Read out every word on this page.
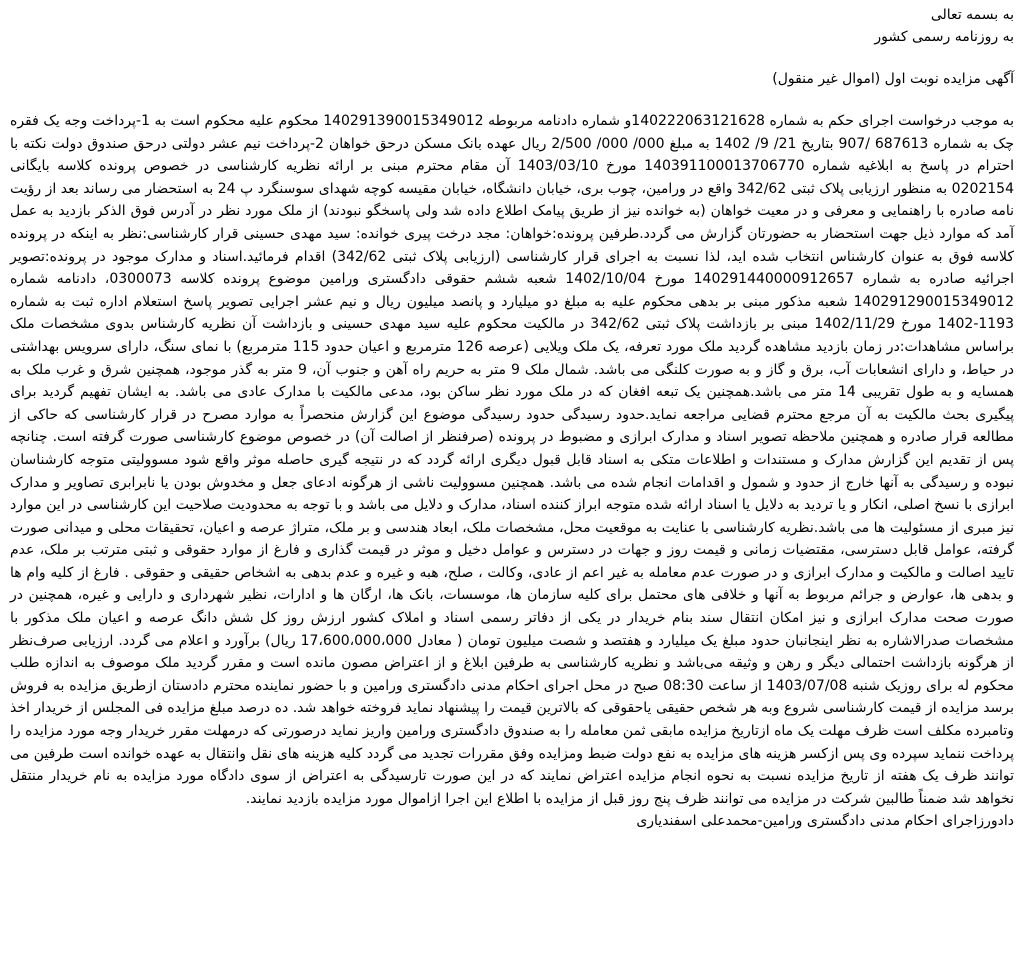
به بسمه تعالی

به روزنامه رسمی کشور

آگهی مزایده نوبت اول (اموال غیر منقول)

به موجب درخواست اجرای حکم به شماره 140222063121628و شماره دادنامه مربوطه 140291390015349012 محکوم علیه محکوم است به 1-پرداخت وجه یک فقره چک به شماره 687613 /907 بتاریخ 21/ 9/ 1402 به مبلغ 000/ 000/ 2/500 ریال عهده بانک مسکن درحق خواهان 2-پرداخت نیم عشر دولتی درحق صندوق دولت نکته با احترام در پاسخ به ابلاغیه شماره 140391100013706770 مورخ 1403/03/10 آن مقام محترم مبنی بر ارائه نظریه کارشناسی در خصوص پرونده کلاسه بایگانی 0202154 به منظور ارزیابی پلاک ثبتی 342/62 واقع در ورامین، چوب بری، خیابان دانشگاه، خیابان مقیسه کوچه شهدای سوسنگرد پ 24 به استحضار می رساند بعد از رؤیت نامه صادره با راهنمایی و معرفی و در معیت خواهان (به خوانده نیز از طریق پیامک اطلاع داده شد ولی پاسخگو نبودند) از ملک مورد نظر در آدرس فوق الذکر بازدید به عمل آمد که موارد ذیل جهت استحضار به حضورتان گزارش می گردد.طرفین پرونده:خواهان: مجد درخت پیری خوانده: سید مهدی حسینی قرار کارشناسی:نظر به اینکه در پرونده کلاسه فوق به عنوان کارشناس انتخاب شده اید، لذا نسبت به اجرای قرار کارشناسی (ارزیابی پلاک ثبتی 342/62) اقدام فرمائید.اسناد و مدارک موجود در پرونده:تصویر اجرائیه صادره به شماره 140291440000912657 مورخ 1402/10/04 شعبه ششم حقوقی دادگستری ورامین موضوع پرونده کلاسه 0300073، دادنامه شماره 140291290015349012 شعبه مذکور مبنی بر بدهی محکوم علیه به مبلغ دو میلیارد و پانصد میلیون ریال و نیم عشر اجرایی تصویر پاسخ استعلام اداره ثبت به شماره 1193-1402 مورخ 1402/11/29 مبنی بر بازداشت پلاک ثبتی 342/62 در مالکیت محکوم علیه سید مهدی حسینی و بازداشت آن نظریه کارشناس بدوی مشخصات ملک براساس مشاهدات:در زمان بازدید مشاهده گردید ملک مورد تعرفه، یک ملک ویلایی (عرصه 126 مترمربع و اعیان حدود 115 مترمربع) با نمای سنگ، دارای سرویس بهداشتی در حیاط، و دارای انشعابات آب، برق و گاز و به صورت کلنگی می باشد. شمال ملک 9 متر به حریم راه آهن و جنوب آن، 9 متر به گذر موجود، همچنین شرق و غرب ملک به همسایه و به طول تقریبی 14 متر می باشد.همچنین یک تبعه افغان که در ملک مورد نظر ساکن بود، مدعی مالکیت با مدارک عادی می باشد. به ایشان تفهیم گردید برای پیگیری بحث مالکیت به آن مرجع محترم قضایی مراجعه نماید.حدود رسیدگی حدود رسیدگی موضوع این گزارش منحصراً به موارد مصرح در قرار کارشناسی که حاکی از مطالعه قرار صادره و همچنین ملاحظه تصویر اسناد و مدارک ابرازی و مضبوط در پرونده (صرفنظر از اصالت آن) در خصوص موضوع کارشناسی صورت گرفته است. چنانچه پس از تقدیم این گزارش مدارک و مستندات و اطلاعات متکی به اسناد قابل قبول دیگری ارائه گردد که در نتیجه گیری حاصله موثر واقع شود مسوولیتی متوجه کارشناسان نبوده و رسیدگی به آنها خارج از حدود و شمول و اقدامات انجام شده می باشد. همچنین مسوولیت ناشی از هرگونه ادعای جعل و مخدوش بودن یا نابرابری تصاویر و مدارک ابرازی با نسخ اصلی، انکار و یا تردید به دلایل یا اسناد ارائه شده متوجه ابراز کننده اسناد، مدارک و دلایل می باشد و با توجه به محدودیت صلاحیت این کارشناسی در این موارد نیز مبری از مسئولیت ها می باشد.نظریه کارشناسی با عنایت به موقعیت محل، مشخصات ملک، ابعاد هندسی و بر ملک، متراژ عرصه و اعیان، تحقیقات محلی و میدانی صورت گرفته، عوامل قابل دسترسی، مقتضیات زمانی و قیمت روز و جهات در دسترس و عوامل دخیل و موثر در قیمت گذاری و فارغ از موارد حقوقی و ثبتی مترتب بر ملک، عدم تایید اصالت و مالکیت و مدارک ابرازی و در صورت عدم معامله به غیر اعم از عادی، وکالت ، صلح، هبه و غیره و عدم بدهی به اشخاص حقیقی و حقوقی . فارغ از کلیه وام ها و بدهی ها، عوارض و جرائم مربوط به آنها و خلافی های محتمل برای کلیه سازمان ها، موسسات، بانک ها، ارگان ها و ادارات، نظیر شهرداری و دارایی و غیره، همچنین در صورت صحت مدارک ابرازی و نیز امکان انتقال سند بنام خریدار در یکی از دفاتر رسمی اسناد و املاک کشور ارزش روز کل شش دانگ عرصه و اعیان ملک مذکور با مشخصات صدرالاشاره به نظر اینجانبان حدود مبلغ یک میلیارد و هفتصد و شصت میلیون تومان ( معادل 17،600،000،000 ریال) برآورد و اعلام می گردد. ارزیابی صرف‌نظر از هرگونه بازداشت احتمالی دیگر و رهن و وثیقه می‌باشد و نظریه کارشناسی به طرفین ابلاغ و از اعتراض مصون مانده است و مقرر گردید ملک موصوف به اندازه طلب محکوم له برای روزیک شنبه 1403/07/08 از ساعت 08:30 صبح در محل اجرای احکام مدنی دادگستری ورامین و با حضور نماینده محترم دادستان ازطریق مزایده به فروش برسد مزایده از قیمت کارشناسی شروع وبه هر شخص حقیقی یاحقوقی که بالاترین قیمت را پیشنهاد نماید فروخته خواهد شد. ده درصد مبلغ مزایده فی المجلس از خریدار اخذ وتامبرده مکلف است ظرف مهلت یک ماه ازتاریخ مزایده مابقی ثمن معامله را به صندوق دادگستری ورامین واریز نماید درصورتی که درمهلت مقرر خریدار وجه مورد مزایده را پرداخت ننماید سپرده وی پس ازکسر هزینه های مزایده به نفع دولت ضبط ومزایده وفق مقررات تجدید می گردد کلیه هزینه های نقل وانتقال به عهده خوانده است طرفین می توانند ظرف یک هفته از تاریخ مزایده نسبت به نحوه انجام مزایده اعتراض نمایند که در این صورت تارسیدگی به اعتراض از سوی دادگاه مورد مزایده به نام خریدار منتقل نخواهد شد ضمناً طالبین شرکت در مزایده می توانند ظرف پنج روز قبل از مزایده با اطلاع این اجرا ازاموال مورد مزایده بازدید نمایند.

دادورزاجرای احکام مدنی دادگستری ورامین-محمدعلی اسفندیاری
